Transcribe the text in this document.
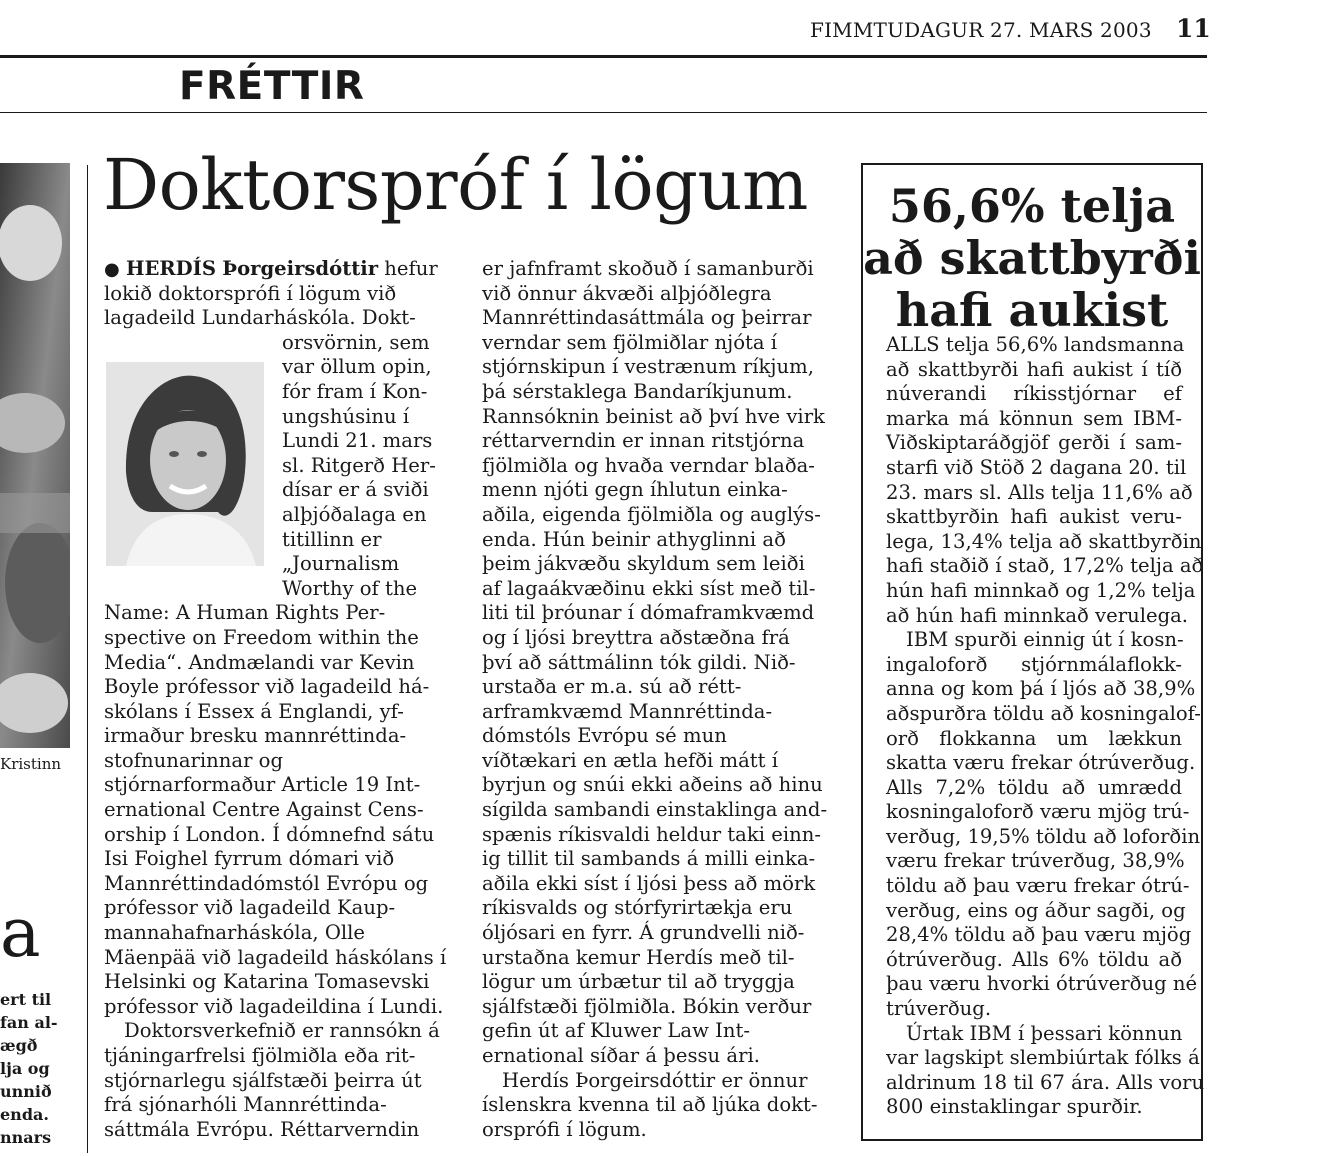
FIMMTUDAGUR 27. MARS 2003 11
FRÉTTIR
Kristinn
a
ert til
fan al-
ægð
lja og
unnið
enda.
nnars
Doktorspróf í lögum
● HERDÍS Þorgeirsdóttir hefur
lokið doktorsprófi í lögum við
lagadeild Lundarháskóla. Dokt-
orsvörnin, sem
var öllum opin,
fór fram í Kon-
ungshúsinu í
Lundi 21. mars
sl. Ritgerð Her-
dísar er á sviði
alþjóðalaga en
titillinn er
„Journalism
Worthy of the
Name: A Human Rights Per-
spective on Freedom within the
Media“. Andmælandi var Kevin
Boyle prófessor við lagadeild há-
skólans í Essex á Englandi, yf-
irmaður bresku mannréttinda-
stofnunarinnar og
stjórnarformaður Article 19 Int-
ernational Centre Against Cens-
orship í London. Í dómnefnd sátu
Isi Foighel fyrrum dómari við
Mannréttindadómstól Evrópu og
prófessor við lagadeild Kaup-
mannahafnarháskóla, Olle
Mäenpää við lagadeild háskólans í
Helsinki og Katarina Tomasevski
prófessor við lagadeildina í Lundi.
Doktorsverkefnið er rannsókn á
tjáningarfrelsi fjölmiðla eða rit-
stjórnarlegu sjálfstæði þeirra út
frá sjónarhóli Mannréttinda-
sáttmála Evrópu. Réttarverndin
er jafnframt skoðuð í samanburði
við önnur ákvæði alþjóðlegra
Mannréttindasáttmála og þeirrar
verndar sem fjölmiðlar njóta í
stjórnskipun í vestrænum ríkjum,
þá sérstaklega Bandaríkjunum.
Rannsóknin beinist að því hve virk
réttarverndin er innan ritstjórna
fjölmiðla og hvaða verndar blaða-
menn njóti gegn íhlutun einka-
aðila, eigenda fjölmiðla og auglýs-
enda. Hún beinir athyglinni að
þeim jákvæðu skyldum sem leiði
af lagaákvæðinu ekki síst með til-
liti til þróunar í dómaframkvæmd
og í ljósi breyttra aðstæðna frá
því að sáttmálinn tók gildi. Nið-
urstaða er m.a. sú að rétt-
arframkvæmd Mannréttinda-
dómstóls Evrópu sé mun
víðtækari en ætla hefði mátt í
byrjun og snúi ekki aðeins að hinu
sígilda sambandi einstaklinga and-
spænis ríkisvaldi heldur taki einn-
ig tillit til sambands á milli einka-
aðila ekki síst í ljósi þess að mörk
ríkisvalds og stórfyrirtækja eru
óljósari en fyrr. Á grundvelli nið-
urstaðna kemur Herdís með til-
lögur um úrbætur til að tryggja
sjálfstæði fjölmiðla. Bókin verður
gefin út af Kluwer Law Int-
ernational síðar á þessu ári.
Herdís Þorgeirsdóttir er önnur
íslenskra kvenna til að ljúka dokt-
orsprófi í lögum.
56,6% telja
að skattbyrði
hafi aukist
ALLS telja 56,6% landsmanna
að skattbyrði hafi aukist í tíð
núverandi ríkisstjórnar ef
marka má könnun sem IBM-
Viðskiptaráðgjöf gerði í sam-
starfi við Stöð 2 dagana 20. til
23. mars sl. Alls telja 11,6% að
skattbyrðin hafi aukist veru-
lega, 13,4% telja að skattbyrðin
hafi staðið í stað, 17,2% telja að
hún hafi minnkað og 1,2% telja
að hún hafi minnkað verulega.
IBM spurði einnig út í kosn-
ingaloforð stjórnmálaflokk-
anna og kom þá í ljós að 38,9%
aðspurðra töldu að kosningalof-
orð flokkanna um lækkun
skatta væru frekar ótrúverðug.
Alls 7,2% töldu að umrædd
kosningaloforð væru mjög trú-
verðug, 19,5% töldu að loforðin
væru frekar trúverðug, 38,9%
töldu að þau væru frekar ótrú-
verðug, eins og áður sagði, og
28,4% töldu að þau væru mjög
ótrúverðug. Alls 6% töldu að
þau væru hvorki ótrúverðug né
trúverðug.
Úrtak IBM í þessari könnun
var lagskipt slembiúrtak fólks á
aldrinum 18 til 67 ára. Alls voru
800 einstaklingar spurðir.
